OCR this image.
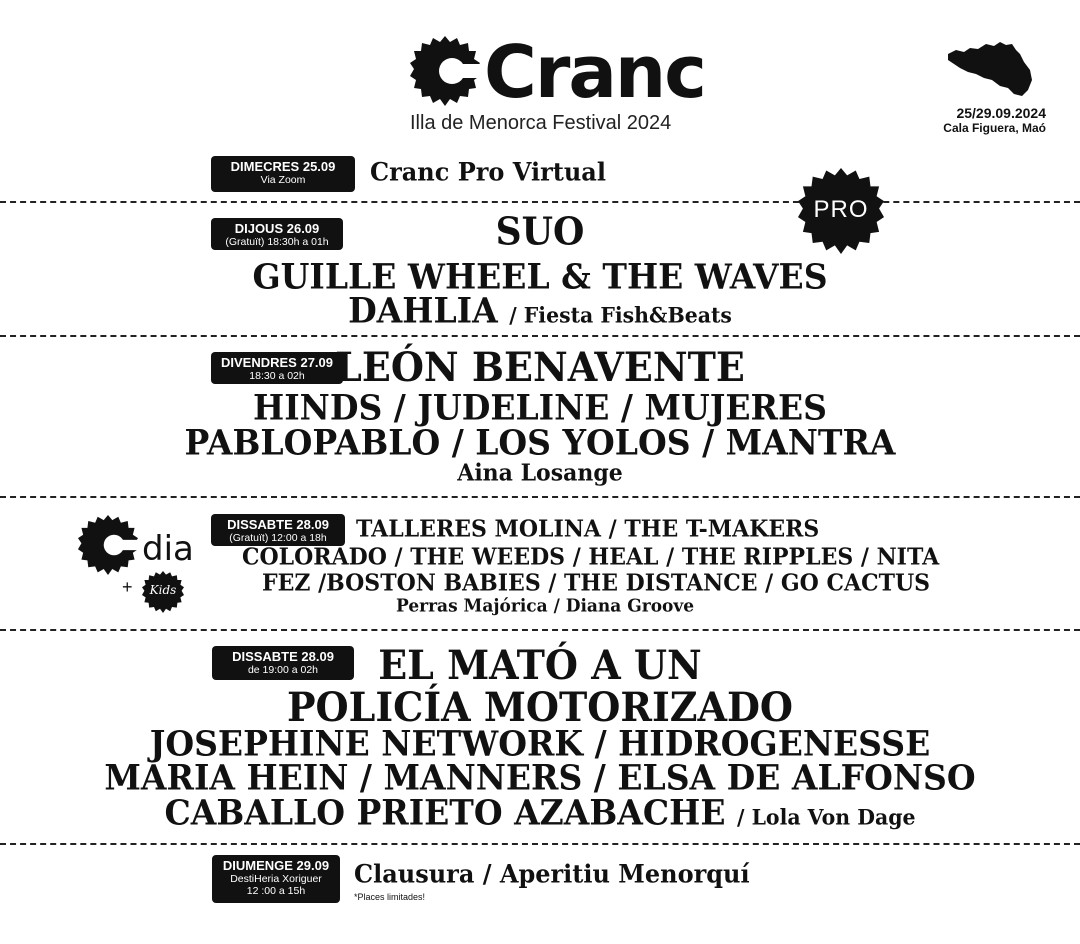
Cranc
Illa de Menorca Festival 2024	25/29.09.2024
Cala Figuera, Maó
DIMECRES 25.09
Via Zoom	Cranc Pro Virtual
PRO
DIJOUS 26.09
(Gratuït) 18:30h a 01h	SUO
GUILLE WHEEL & THE WAVES
DAHLIA / Fiesta Fish&Beats
DIVENDRES 27.09
18:30 a 02h LEÓN BENAVENTE
HINDS / JUDELINE / MUJERES
PABLOPABLO / LOS YOLOS / MANTRA
Aina Losange
dia
+	Kids
DISSABTE 28.09
(Gratuït) 12:00 a 18h	TALLERES MOLINA / THE T-MAKERS
COLORADO / THE WEEDS / HEAL / THE RIPPLES / NITA
FEZ /BOSTON BABIES / THE DISTANCE / GO CACTUS
Perras Majórica / Diana Groove
DISSABTE 28.09
de 19:00 a 02h	EL MATÓ A UN
POLICÍA MOTORIZADO
JOSEPHINE NETWORK / HIDROGENESSE
MARIA HEIN / MANNERS / ELSA DE ALFONSO
CABALLO PRIETO AZABACHE / Lola Von Dage
DIUMENGE 29.09
DestiHeria Xoriguer
12 :00 a 15h
Clausura / Aperitiu Menorquí
*Places limitades!
